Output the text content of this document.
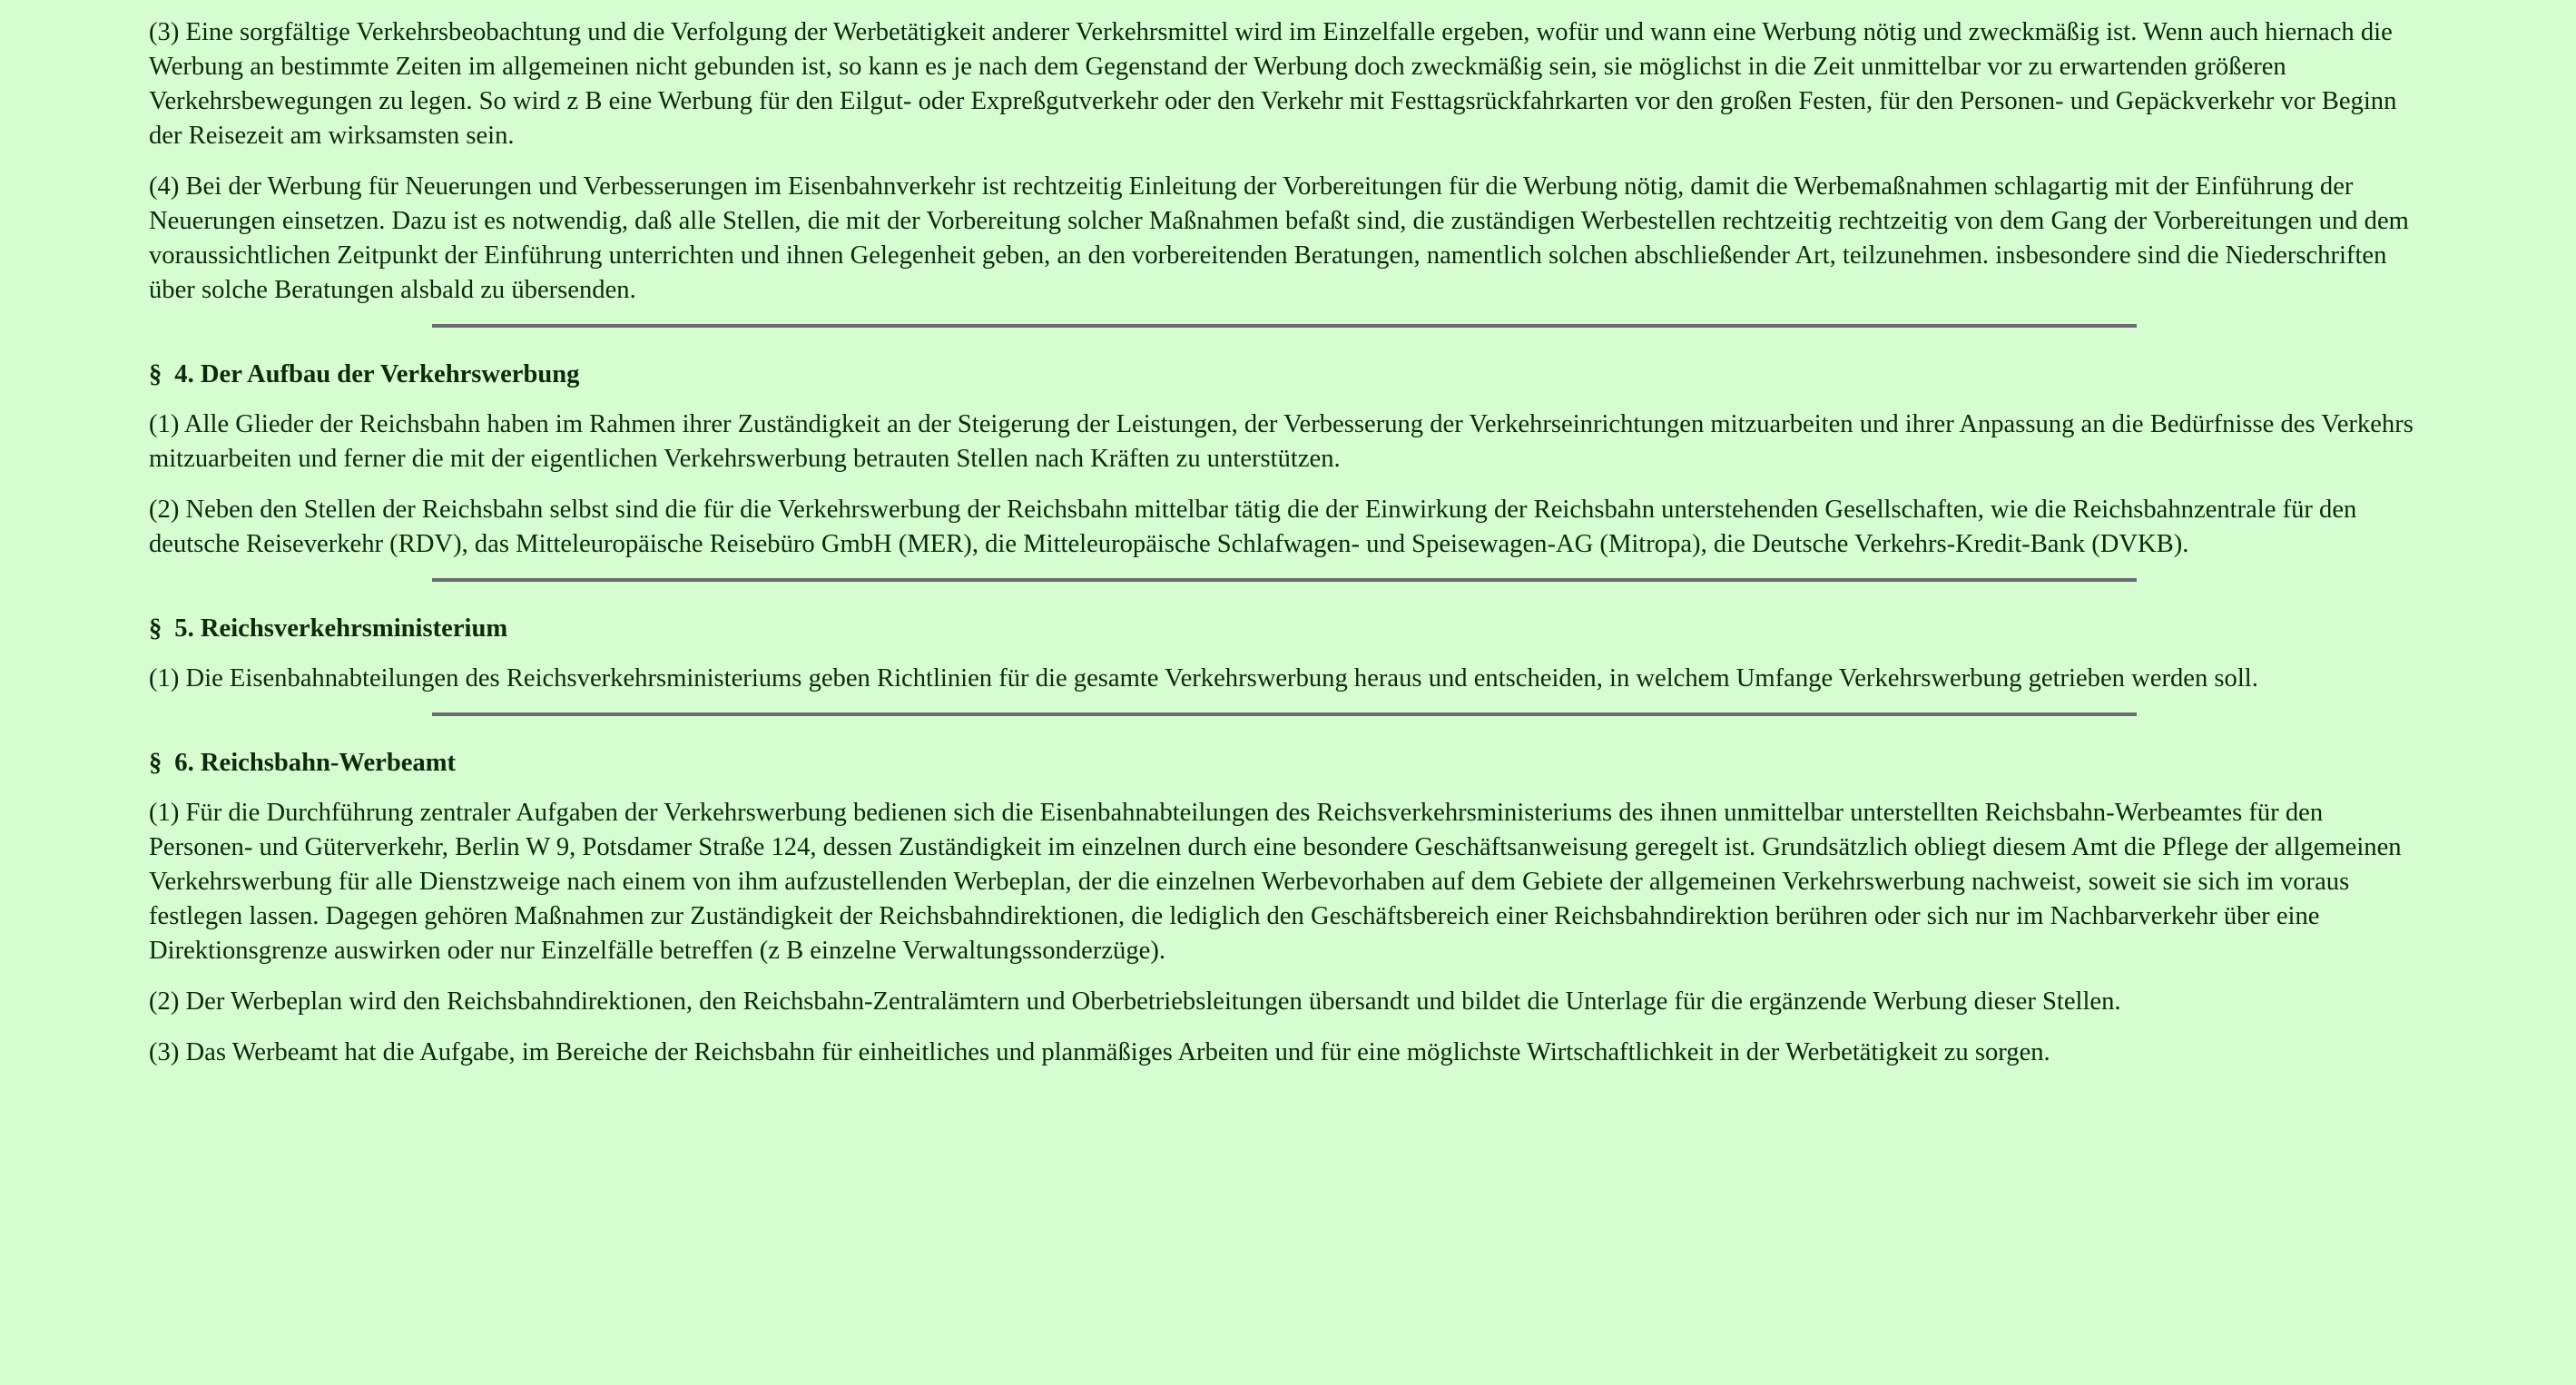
(3) Eine sorgfältige Verkehrsbeobachtung und die Verfolgung der Werbetätigkeit anderer Verkehrsmittel wird im Einzelfalle ergeben, wofür und wann eine Werbung nötig und zweckmäßig ist. Wenn auch hiernach die Werbung an bestimmte Zeiten im allgemeinen nicht gebunden ist, so kann es je nach dem Gegenstand der Werbung doch zweckmäßig sein, sie möglichst in die Zeit unmittelbar vor zu erwartenden größeren Verkehrsbewegungen zu legen. So wird z B eine Werbung für den Eilgut- oder Expreßgutverkehr oder den Verkehr mit Festtagsrückfahrkarten vor den großen Festen, für den Personen- und Gepäckverkehr vor Beginn der Reisezeit am wirksamsten sein.

(4) Bei der Werbung für Neuerungen und Verbesserungen im Eisenbahnverkehr ist rechtzeitig Einleitung der Vorbereitungen für die Werbung nötig, damit die Werbemaßnahmen schlagartig mit der Einführung der Neuerungen einsetzen. Dazu ist es notwendig, daß alle Stellen, die mit der Vorbereitung solcher Maßnahmen befaßt sind, die zuständigen Werbestellen rechtzeitig rechtzeitig von dem Gang der Vorbereitungen und dem voraussichtlichen Zeitpunkt der Einführung unterrichten und ihnen Gelegenheit geben, an den vorbereitenden Beratungen, namentlich solchen abschließender Art, teilzunehmen. insbesondere sind die Niederschriften über solche Beratungen alsbald zu übersenden.

§ 4. Der Aufbau der Verkehrswerbung

(1) Alle Glieder der Reichsbahn haben im Rahmen ihrer Zuständigkeit an der Steigerung der Leistungen, der Verbesserung der Verkehrseinrichtungen mitzuarbeiten und ihrer Anpassung an die Bedürfnisse des Verkehrs mitzuarbeiten und ferner die mit der eigentlichen Verkehrswerbung betrauten Stellen nach Kräften zu unterstützen.

(2) Neben den Stellen der Reichsbahn selbst sind die für die Verkehrswerbung der Reichsbahn mittelbar tätig die der Einwirkung der Reichsbahn unterstehenden Gesellschaften, wie die Reichsbahnzentrale für den deutsche Reiseverkehr (RDV), das Mitteleuropäische Reisebüro GmbH (MER), die Mitteleuropäische Schlafwagen- und Speisewagen-AG (Mitropa), die Deutsche Verkehrs-Kredit-Bank (DVKB).

§ 5. Reichsverkehrsministerium

(1) Die Eisenbahnabteilungen des Reichsverkehrsministeriums geben Richtlinien für die gesamte Verkehrswerbung heraus und entscheiden, in welchem Umfange Verkehrswerbung getrieben werden soll.

§ 6. Reichsbahn-Werbeamt

(1) Für die Durchführung zentraler Aufgaben der Verkehrswerbung bedienen sich die Eisenbahnabteilungen des Reichsverkehrsministeriums des ihnen unmittelbar unterstellten Reichsbahn-Werbeamtes für den Personen- und Güterverkehr, Berlin W 9, Potsdamer Straße 124, dessen Zuständigkeit im einzelnen durch eine besondere Geschäftsanweisung geregelt ist. Grundsätzlich obliegt diesem Amt die Pflege der allgemeinen Verkehrswerbung für alle Dienstzweige nach einem von ihm aufzustellenden Werbeplan, der die einzelnen Werbevorhaben auf dem Gebiete der allgemeinen Verkehrswerbung nachweist, soweit sie sich im voraus festlegen lassen. Dagegen gehören Maßnahmen zur Zuständigkeit der Reichsbahndirektionen, die lediglich den Geschäftsbereich einer Reichsbahndirektion berühren oder sich nur im Nachbarverkehr über eine Direktionsgrenze auswirken oder nur Einzelfälle betreffen (z B einzelne Verwaltungssonderzüge).

(2) Der Werbeplan wird den Reichsbahndirektionen, den Reichsbahn-Zentralämtern und Oberbetriebsleitungen übersandt und bildet die Unterlage für die ergänzende Werbung dieser Stellen.

(3) Das Werbeamt hat die Aufgabe, im Bereiche der Reichsbahn für einheitliches und planmäßiges Arbeiten und für eine möglichste Wirtschaftlichkeit in der Werbetätigkeit zu sorgen.
